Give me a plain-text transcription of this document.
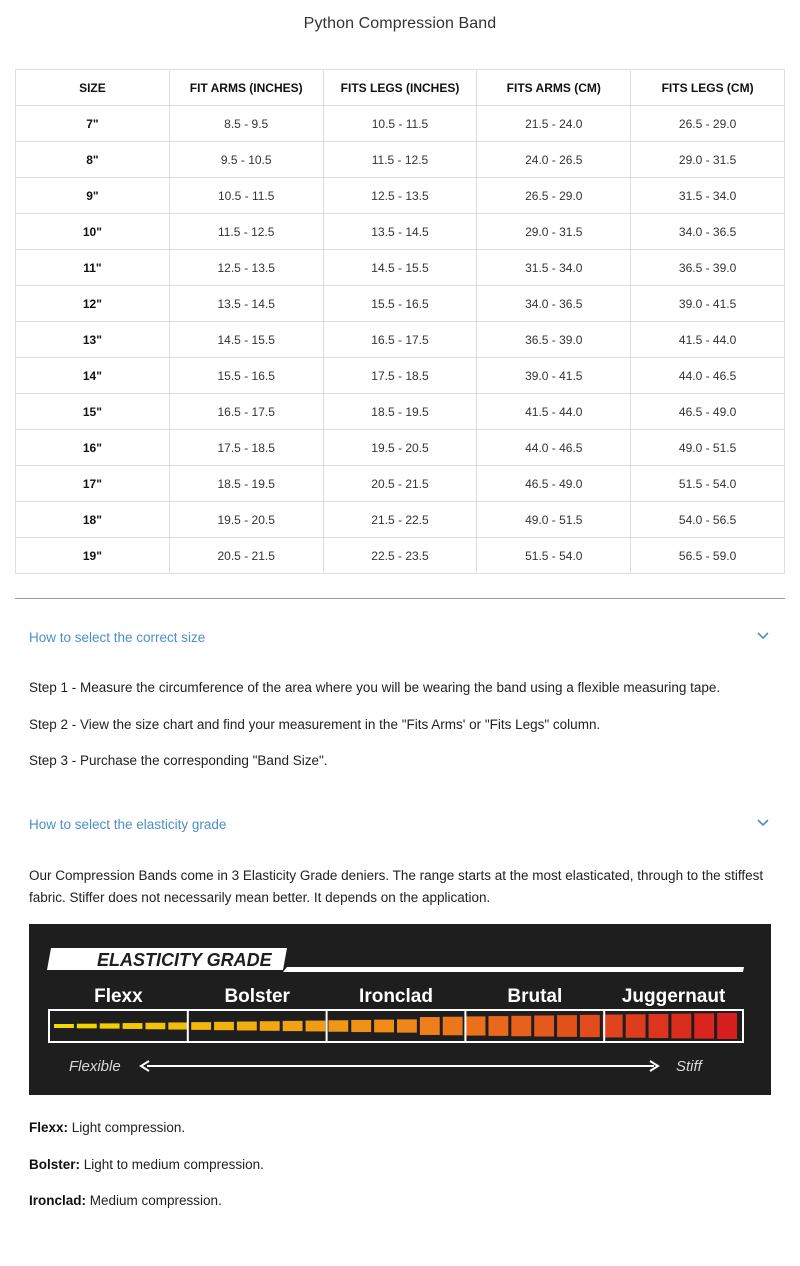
Python Compression Band
SIZE	FIT ARMS (INCHES)	FITS LEGS (INCHES)	FITS ARMS (CM)	FITS LEGS (CM)
7"	8.5 - 9.5	10.5 - 11.5	21.5 - 24.0	26.5 - 29.0
8"	9.5 - 10.5	11.5 - 12.5	24.0 - 26.5	29.0 - 31.5
9"	10.5 - 11.5	12.5 - 13.5	26.5 - 29.0	31.5 - 34.0
10"	11.5 - 12.5	13.5 - 14.5	29.0 - 31.5	34.0 - 36.5
11"	12.5 - 13.5	14.5 - 15.5	31.5 - 34.0	36.5 - 39.0
12"	13.5 - 14.5	15.5 - 16.5	34.0 - 36.5	39.0 - 41.5
13"	14.5 - 15.5	16.5 - 17.5	36.5 - 39.0	41.5 - 44.0
14"	15.5 - 16.5	17.5 - 18.5	39.0 - 41.5	44.0 - 46.5
15"	16.5 - 17.5	18.5 - 19.5	41.5 - 44.0	46.5 - 49.0
16"	17.5 - 18.5	19.5 - 20.5	44.0 - 46.5	49.0 - 51.5
17"	18.5 - 19.5	20.5 - 21.5	46.5 - 49.0	51.5 - 54.0
18"	19.5 - 20.5	21.5 - 22.5	49.0 - 51.5	54.0 - 56.5
19"	20.5 - 21.5	22.5 - 23.5	51.5 - 54.0	56.5 - 59.0
How to select the correct size
Step 1 - Measure the circumference of the area where you will be wearing the band using a flexible measuring tape.
Step 2 - View the size chart and find your measurement in the "Fits Arms' or "Fits Legs" column.
Step 3 - Purchase the corresponding "Band Size".
How to select the elasticity grade
Our Compression Bands come in 3 Elasticity Grade deniers. The range starts at the most elasticated, through to the stiffest fabric. Stiffer does not necessarily mean better. It depends on the application.
ELASTICITY GRADE
Flexx	Bolster	Ironclad	Brutal	Juggernaut
Flexible	Stiff
Flexx: Light compression.
Bolster: Light to medium compression.
Ironclad: Medium compression.
